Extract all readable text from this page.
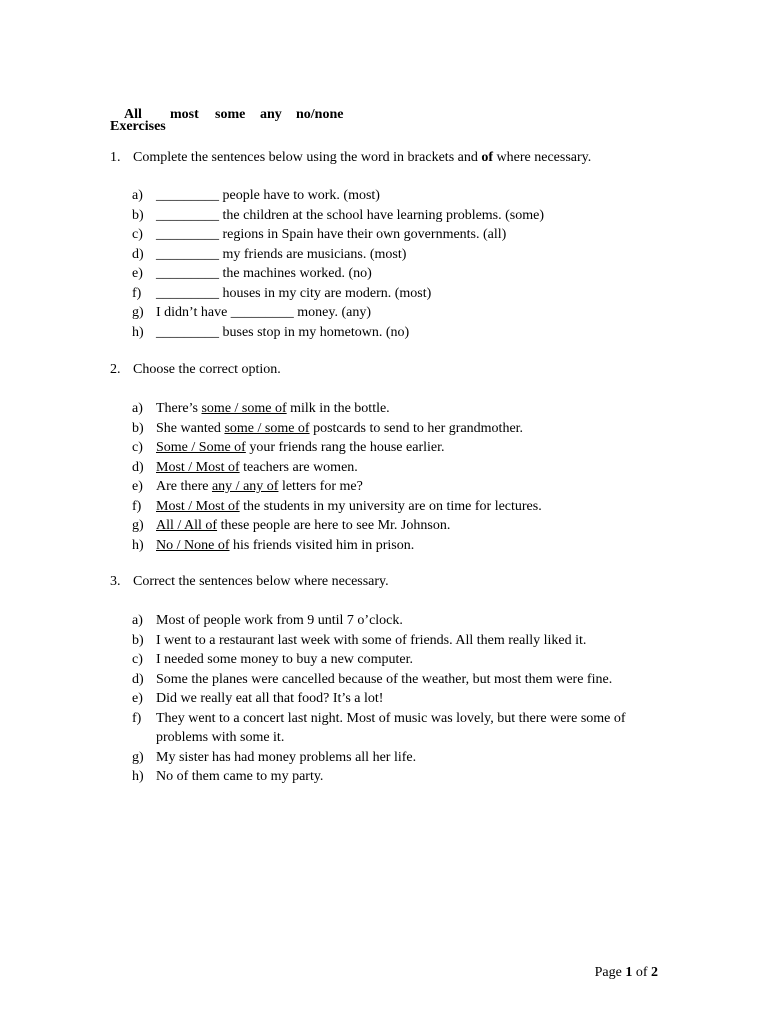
All most some any no/none

Exercises
1. Complete the sentences below using the word in brackets and of where necessary.
a) _________ people have to work. (most)
b) _________ the children at the school have learning problems. (some)
c) _________ regions in Spain have their own governments. (all)
d) _________ my friends are musicians. (most)
e) _________ the machines worked. (no)
f) _________ houses in my city are modern. (most)
g) I didn’t have _________ money. (any)
h) _________ buses stop in my hometown. (no)
2. Choose the correct option.
a) There’s some / some of milk in the bottle.
b) She wanted some / some of postcards to send to her grandmother.
c) Some / Some of your friends rang the house earlier.
d) Most / Most of teachers are women.
e) Are there any / any of letters for me?
f) Most / Most of the students in my university are on time for lectures.
g) All / All of these people are here to see Mr. Johnson.
h) No / None of his friends visited him in prison.
3. Correct the sentences below where necessary.
a) Most of people work from 9 until 7 o’clock.
b) I went to a restaurant last week with some of friends. All them really liked it.
c) I needed some money to buy a new computer.
d) Some the planes were cancelled because of the weather, but most them were fine.
e) Did we really eat all that food? It’s a lot!
f) They went to a concert last night. Most of music was lovely, but there were some of problems with some it.
g) My sister has had money problems all her life.
h) No of them came to my party.
Page 1 of 2
